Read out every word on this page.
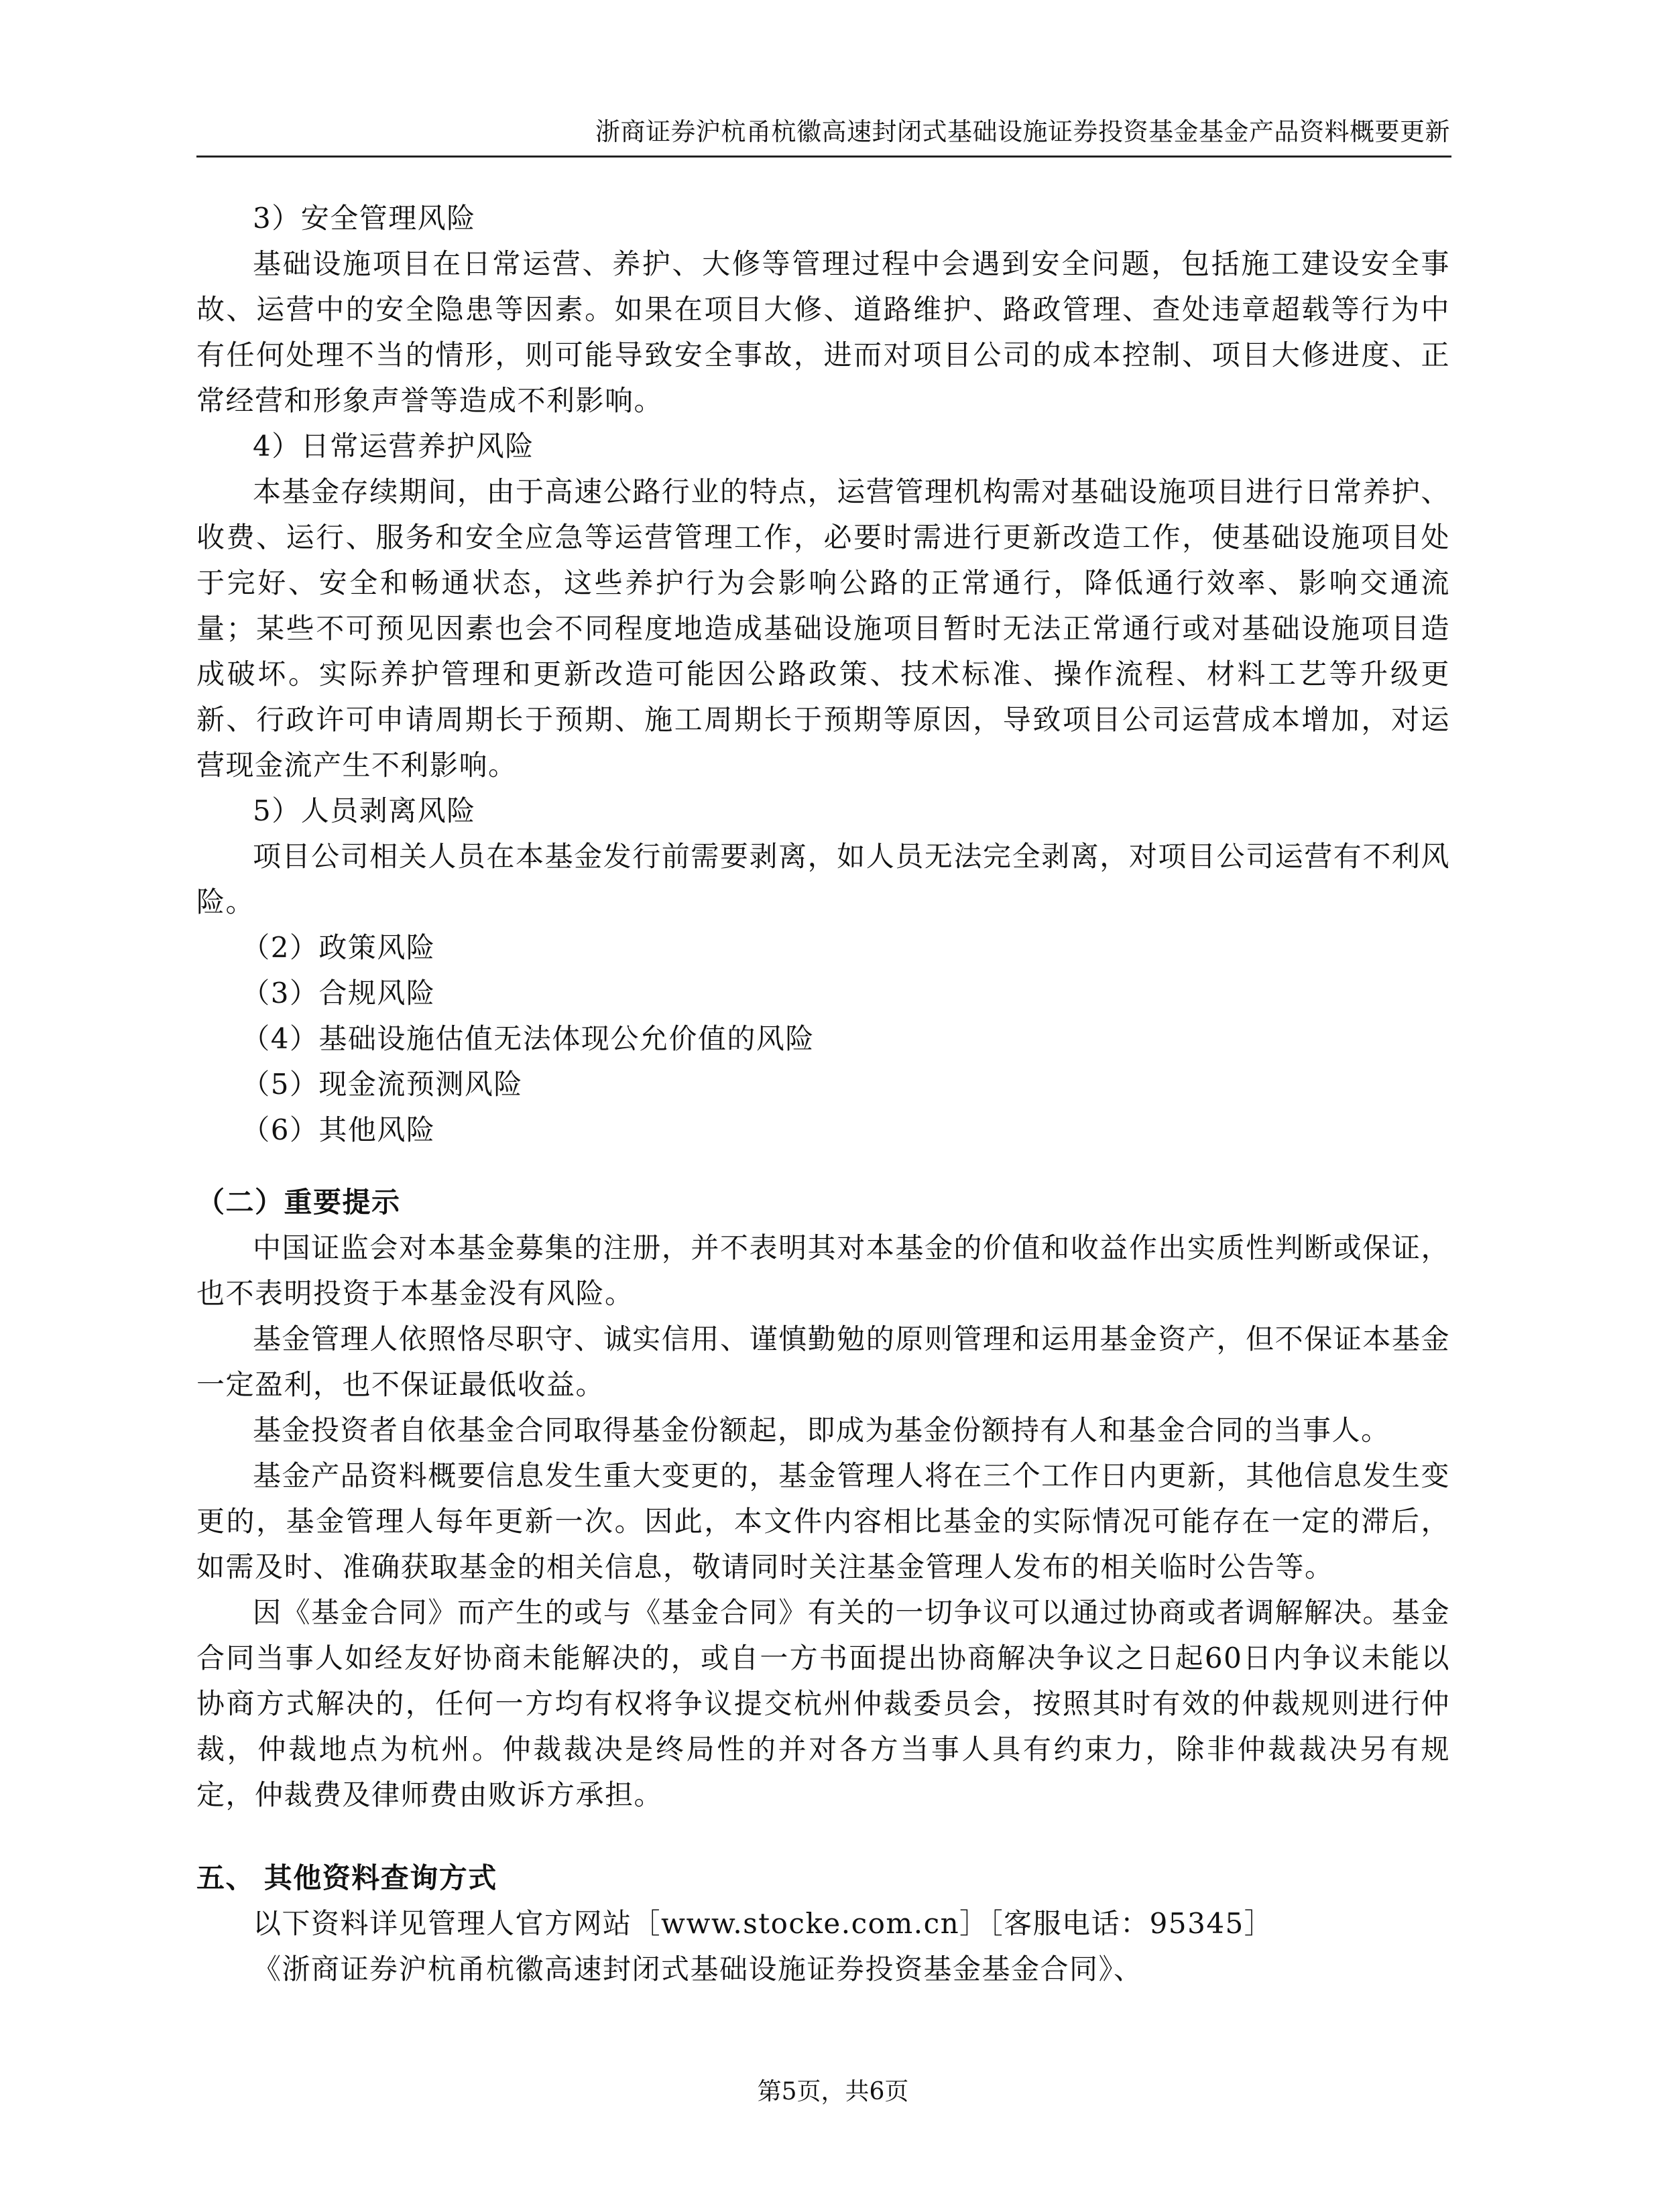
浙商证券沪杭甬杭徽高速封闭式基础设施证券投资基金基金产品资料概要更新

3）安全管理风险

基础设施项目在日常运营、养护、大修等管理过程中会遇到安全问题，包括施工建设安全事故、运营中的安全隐患等因素。如果在项目大修、道路维护、路政管理、查处违章超载等行为中有任何处理不当的情形，则可能导致安全事故，进而对项目公司的成本控制、项目大修进度、正常经营和形象声誉等造成不利影响。

4）日常运营养护风险

本基金存续期间，由于高速公路行业的特点，运营管理机构需对基础设施项目进行日常养护、收费、运行、服务和安全应急等运营管理工作，必要时需进行更新改造工作，使基础设施项目处于完好、安全和畅通状态，这些养护行为会影响公路的正常通行，降低通行效率、影响交通流量；某些不可预见因素也会不同程度地造成基础设施项目暂时无法正常通行或对基础设施项目造成破坏。实际养护管理和更新改造可能因公路政策、技术标准、操作流程、材料工艺等升级更新、行政许可申请周期长于预期、施工周期长于预期等原因，导致项目公司运营成本增加，对运营现金流产生不利影响。

5）人员剥离风险

项目公司相关人员在本基金发行前需要剥离，如人员无法完全剥离，对项目公司运营有不利风险。

（2）政策风险

（3）合规风险

（4）基础设施估值无法体现公允价值的风险

（5）现金流预测风险

（6）其他风险

（二）重要提示

中国证监会对本基金募集的注册，并不表明其对本基金的价值和收益作出实质性判断或保证，也不表明投资于本基金没有风险。

基金管理人依照恪尽职守、诚实信用、谨慎勤勉的原则管理和运用基金资产，但不保证本基金一定盈利，也不保证最低收益。

基金投资者自依基金合同取得基金份额起，即成为基金份额持有人和基金合同的当事人。

基金产品资料概要信息发生重大变更的，基金管理人将在三个工作日内更新，其他信息发生变更的，基金管理人每年更新一次。因此，本文件内容相比基金的实际情况可能存在一定的滞后，如需及时、准确获取基金的相关信息，敬请同时关注基金管理人发布的相关临时公告等。

因《基金合同》而产生的或与《基金合同》有关的一切争议可以通过协商或者调解解决。基金合同当事人如经友好协商未能解决的，或自一方书面提出协商解决争议之日起60日内争议未能以协商方式解决的，任何一方均有权将争议提交杭州仲裁委员会，按照其时有效的仲裁规则进行仲裁，仲裁地点为杭州。仲裁裁决是终局性的并对各方当事人具有约束力，除非仲裁裁决另有规定，仲裁费及律师费由败诉方承担。

五、 其他资料查询方式

以下资料详见管理人官方网站［www.stocke.com.cn］［客服电话：95345］

《浙商证券沪杭甬杭徽高速封闭式基础设施证券投资基金基金合同》、

第5页，共6页
